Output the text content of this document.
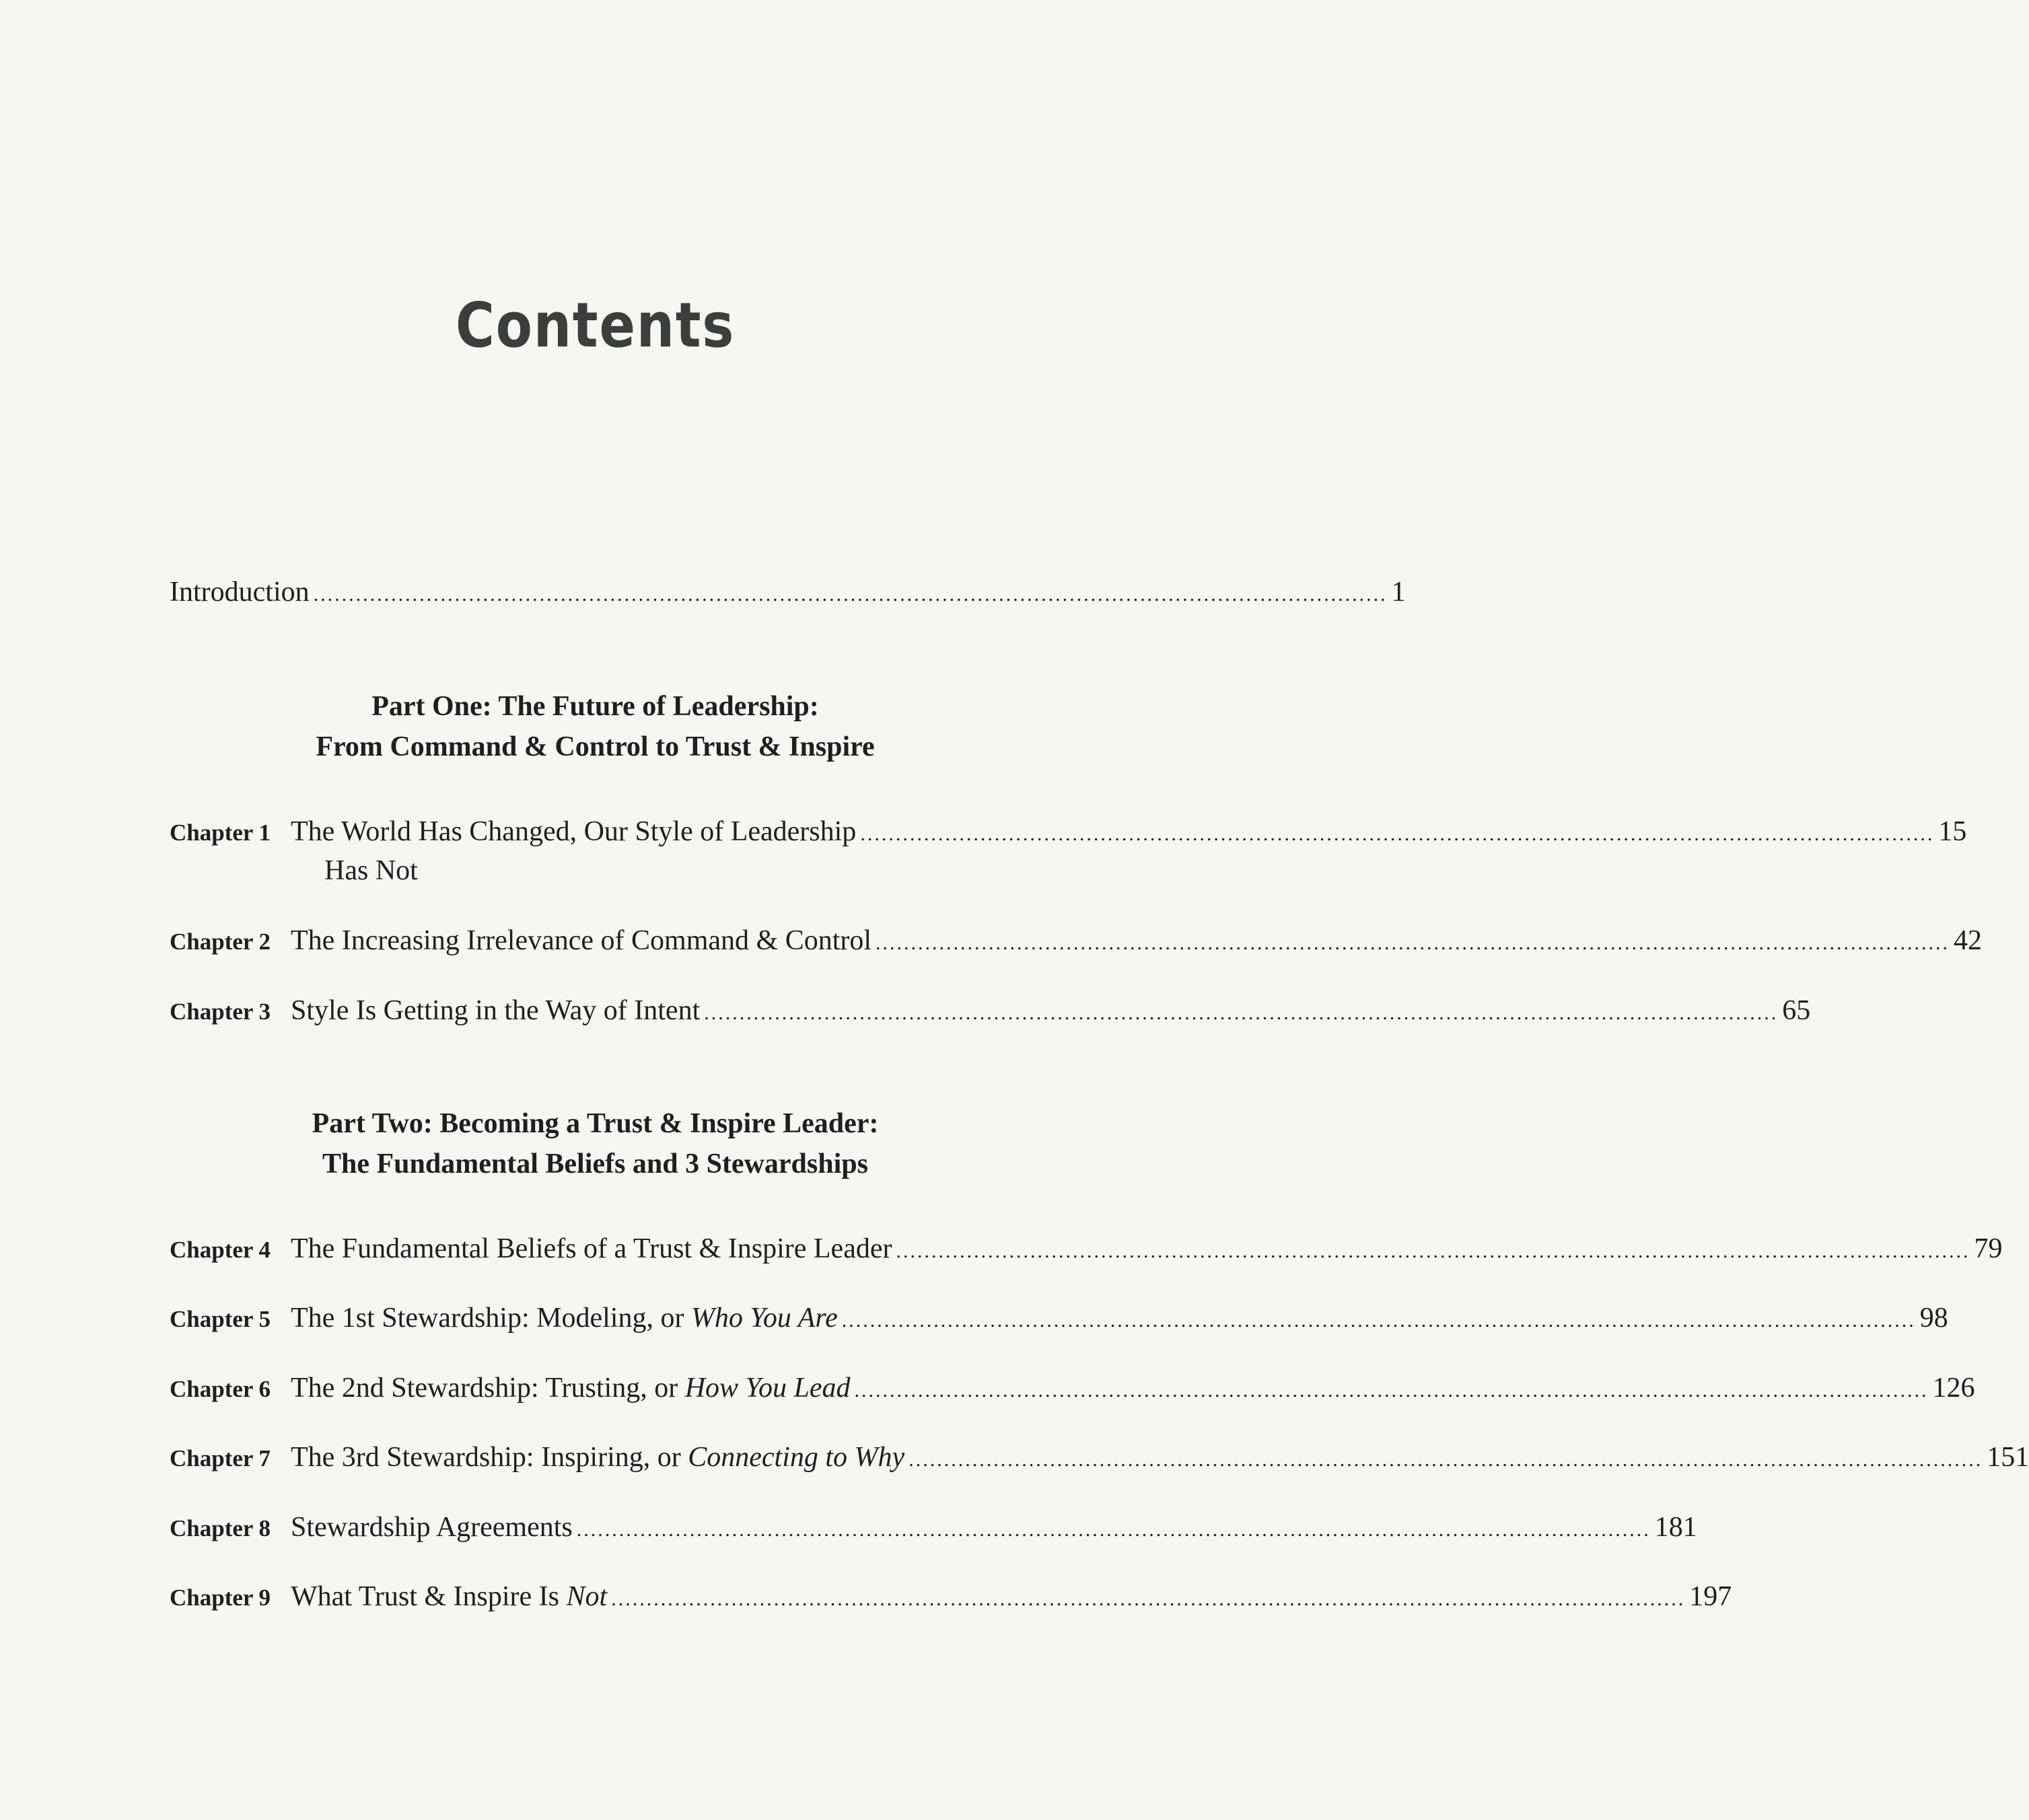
Contents
Introduction ........................................................................................................................................................ 1
Part One: The Future of Leadership:
From Command & Control to Trust & Inspire
Chapter 1 The World Has Changed, Our Style of Leadership ........................................................................................................................................................ 15
Has Not
Chapter 2 The Increasing Irrelevance of Command & Control ........................................................................................................................................................ 42
Chapter 3 Style Is Getting in the Way of Intent ........................................................................................................................................................ 65
Part Two: Becoming a Trust & Inspire Leader:
The Fundamental Beliefs and 3 Stewardships
Chapter 4 The Fundamental Beliefs of a Trust & Inspire Leader ........................................................................................................................................................ 79
Chapter 5 The 1st Stewardship: Modeling, or Who You Are ........................................................................................................................................................ 98
Chapter 6 The 2nd Stewardship: Trusting, or How You Lead ........................................................................................................................................................ 126
Chapter 7 The 3rd Stewardship: Inspiring, or Connecting to Why ........................................................................................................................................................ 151
Chapter 8 Stewardship Agreements ........................................................................................................................................................ 181
Chapter 9 What Trust & Inspire Is Not ........................................................................................................................................................ 197
